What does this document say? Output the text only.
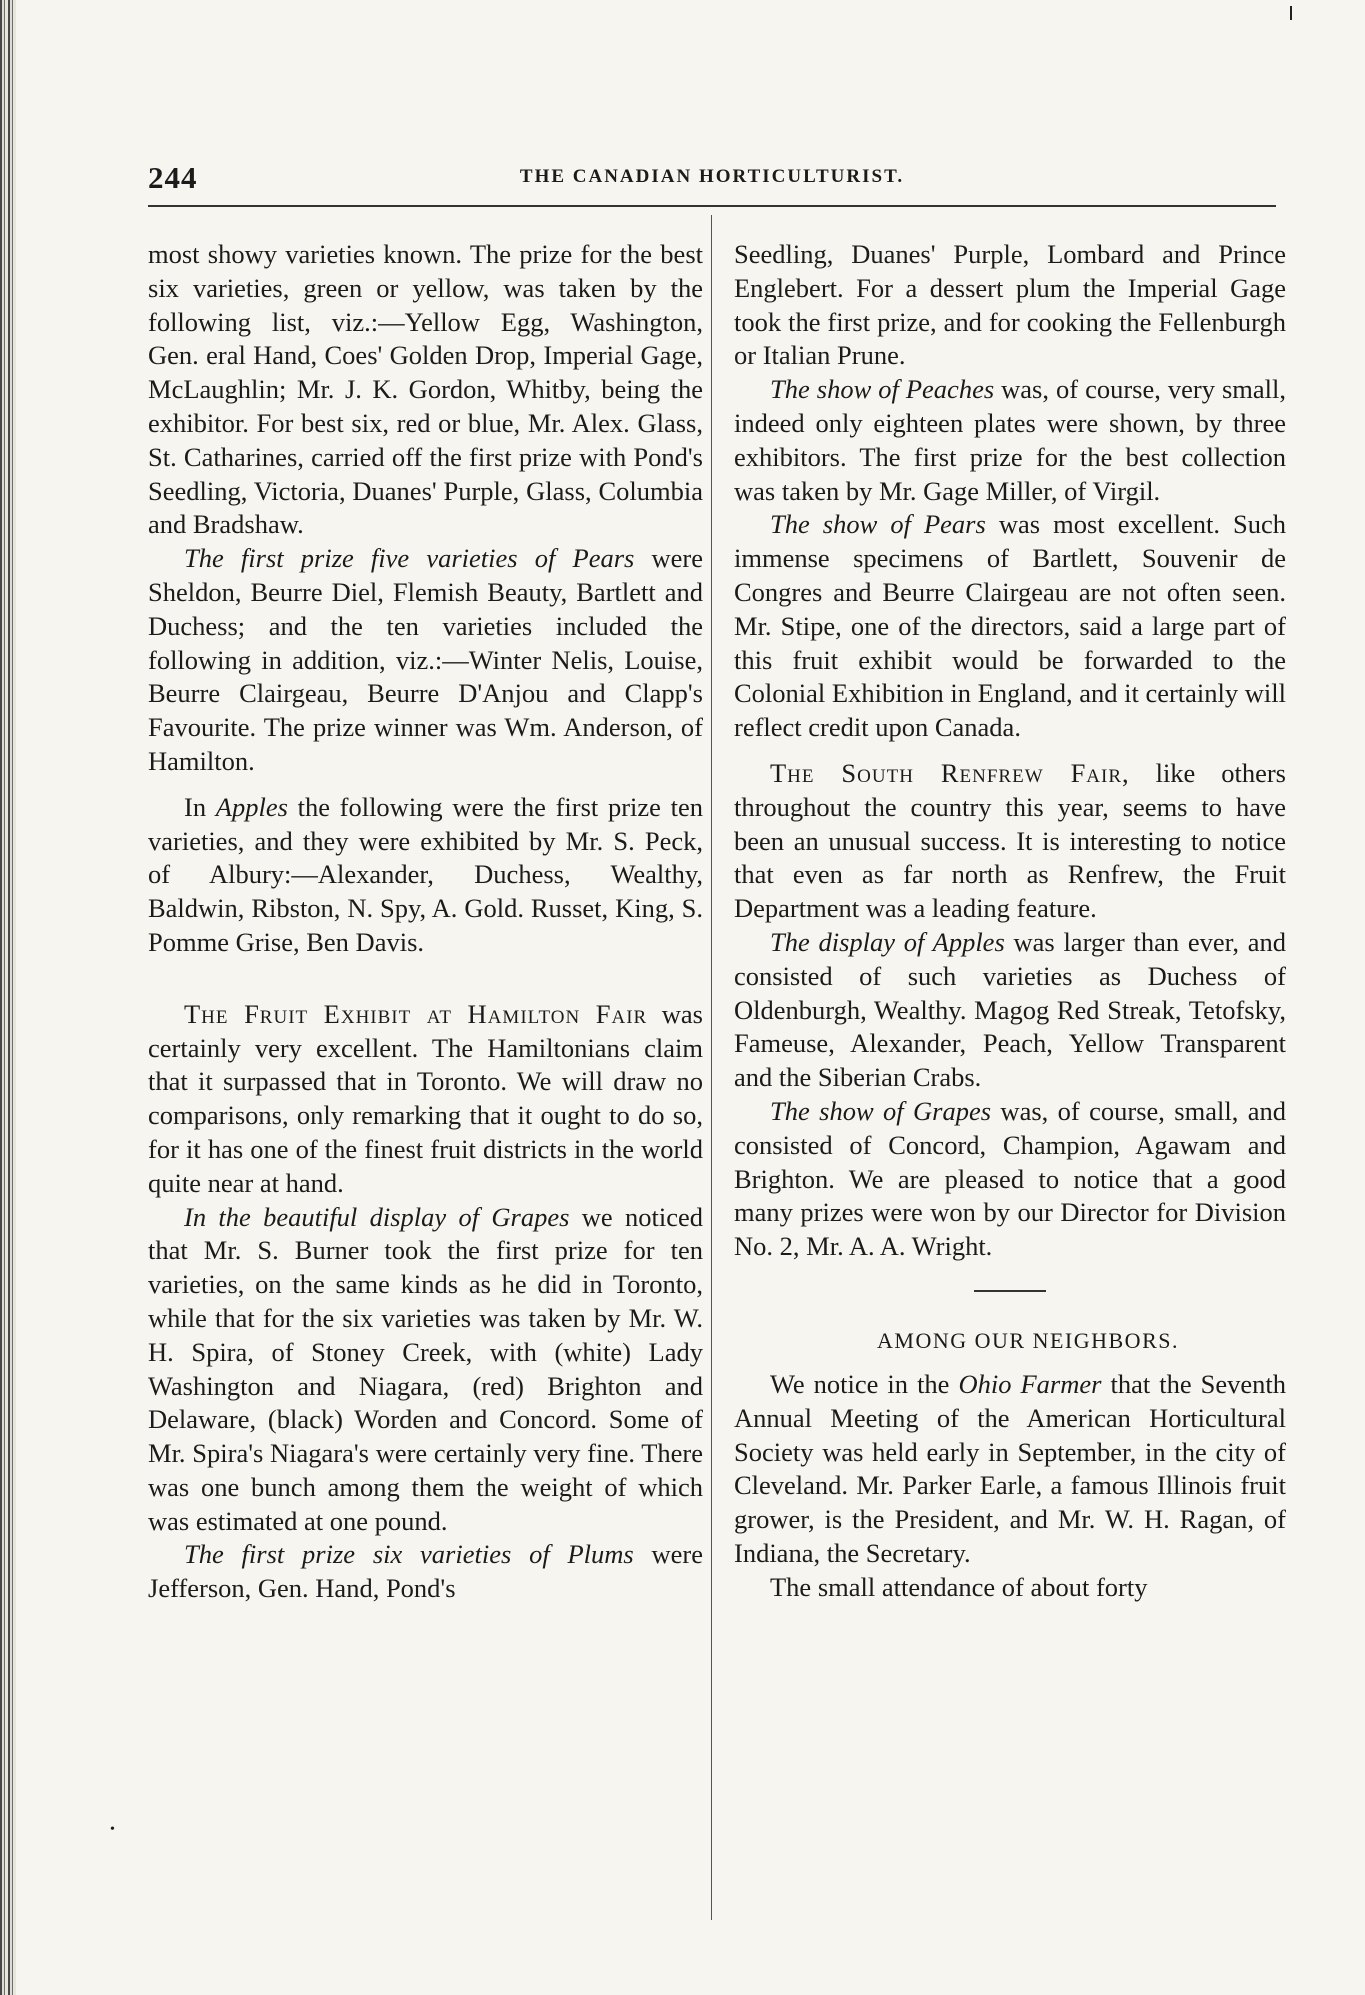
244	THE CANADIAN HORTICULTURIST.

most showy varieties known. The prize for the best six varieties, green or yellow, was taken by the following list, viz.:—Yellow Egg, Washington, Gen. eral Hand, Coes' Golden Drop, Imperial Gage, McLaughlin; Mr. J. K. Gordon, Whitby, being the exhibitor. For best six, red or blue, Mr. Alex. Glass, St. Catharines, carried off the first prize with Pond's Seedling, Victoria, Duanes' Purple, Glass, Columbia and Bradshaw.

The first prize five varieties of Pears were Sheldon, Beurre Diel, Flemish Beauty, Bartlett and Duchess; and the ten varieties included the following in addition, viz.:—Winter Nelis, Louise, Beurre Clairgeau, Beurre D'Anjou and Clapp's Favourite. The prize winner was Wm. Anderson, of Hamilton.

In Apples the following were the first prize ten varieties, and they were exhibited by Mr. S. Peck, of Albury:—Alexander, Duchess, Wealthy, Baldwin, Ribston, N. Spy, A. Gold. Russet, King, S. Pomme Grise, Ben Davis.

The Fruit Exhibit at Hamilton Fair was certainly very excellent. The Hamiltonians claim that it surpassed that in Toronto. We will draw no comparisons, only remarking that it ought to do so, for it has one of the finest fruit districts in the world quite near at hand.

In the beautiful display of Grapes we noticed that Mr. S. Burner took the first prize for ten varieties, on the same kinds as he did in Toronto, while that for the six varieties was taken by Mr. W. H. Spira, of Stoney Creek, with (white) Lady Washington and Niagara, (red) Brighton and Delaware, (black) Worden and Concord. Some of Mr. Spira's Niagara's were certainly very fine. There was one bunch among them the weight of which was estimated at one pound.

The first prize six varieties of Plums were Jefferson, Gen. Hand, Pond's

Seedling, Duanes' Purple, Lombard and Prince Englebert. For a dessert plum the Imperial Gage took the first prize, and for cooking the Fellenburgh or Italian Prune.

The show of Peaches was, of course, very small, indeed only eighteen plates were shown, by three exhibitors. The first prize for the best collection was taken by Mr. Gage Miller, of Virgil.

The show of Pears was most excellent. Such immense specimens of Bartlett, Souvenir de Congres and Beurre Clairgeau are not often seen. Mr. Stipe, one of the directors, said a large part of this fruit exhibit would be forwarded to the Colonial Exhibition in England, and it certainly will reflect credit upon Canada.

The South Renfrew Fair, like others throughout the country this year, seems to have been an unusual success. It is interesting to notice that even as far north as Renfrew, the Fruit Department was a leading feature.

The display of Apples was larger than ever, and consisted of such varieties as Duchess of Oldenburgh, Wealthy. Magog Red Streak, Tetofsky, Fameuse, Alexander, Peach, Yellow Transparent and the Siberian Crabs.

The show of Grapes was, of course, small, and consisted of Concord, Champion, Agawam and Brighton. We are pleased to notice that a good many prizes were won by our Director for Division No. 2, Mr. A. A. Wright.

AMONG OUR NEIGHBORS.

We notice in the Ohio Farmer that the Seventh Annual Meeting of the American Horticultural Society was held early in September, in the city of Cleveland. Mr. Parker Earle, a famous Illinois fruit grower, is the President, and Mr. W. H. Ragan, of Indiana, the Secretary.

The small attendance of about forty

•
